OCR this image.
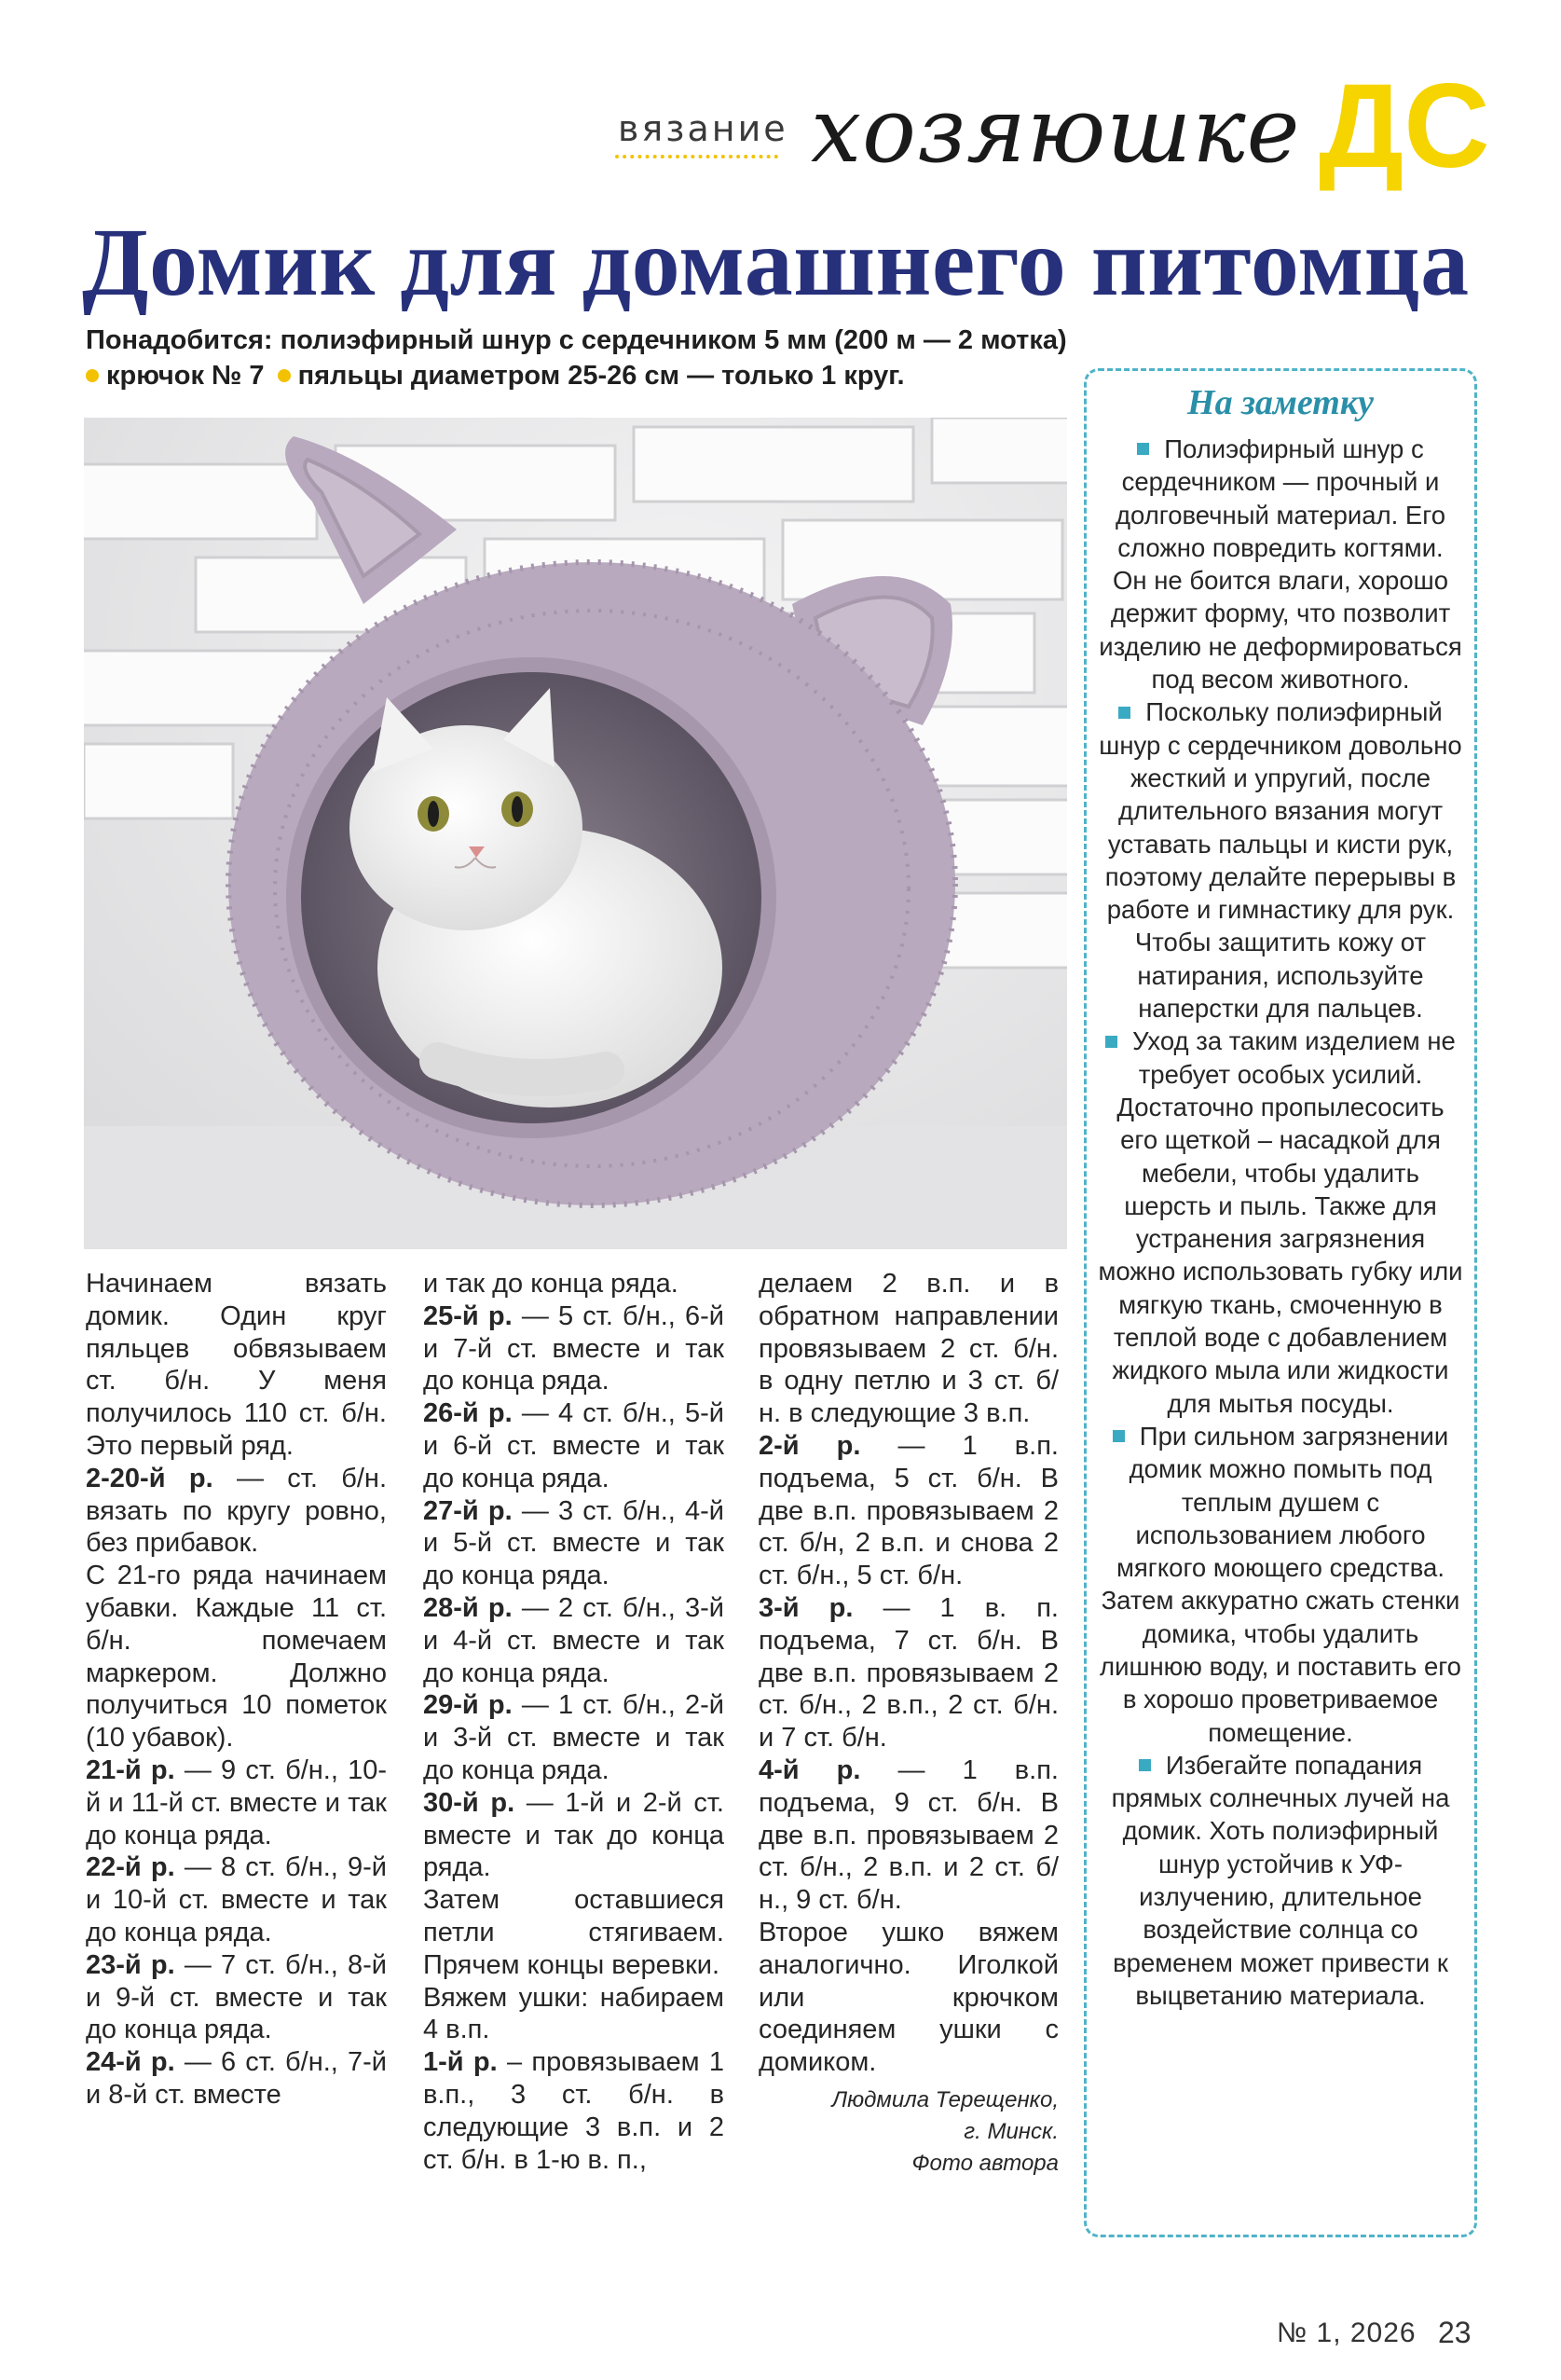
вязание хозяюшке ДС
Домик для домашнего питомца
Понадобится: полиэфирный шнур с сердечником 5 мм (200 м — 2 мотка)
крючок № 7 пяльцы диаметром 25-26 см — только 1 круг.

Начинаем вязать домик. Один круг пяльцев обвязываем ст. б/н. У меня получилось 110 ст. б/н. Это первый ряд.

2-20-й р. — ст. б/н. вязать по кругу ровно, без прибавок.

С 21-го ряда начинаем убавки. Каждые 11 ст. б/н. помечаем маркером. Должно получиться 10 пометок (10 убавок).

21-й р. — 9 ст. б/н., 10-й и 11-й ст. вместе и так до конца ряда.

22-й р. — 8 ст. б/н., 9-й и 10-й ст. вместе и так до конца ряда.

23-й р. — 7 ст. б/н., 8-й и 9-й ст. вместе и так до конца ряда.

24-й р. — 6 ст. б/н., 7-й и 8-й ст. вместе

и так до конца ряда.

25-й р. — 5 ст. б/н., 6-й и 7-й ст. вместе и так до конца ряда.

26-й р. — 4 ст. б/н., 5-й и 6-й ст. вместе и так до конца ряда.

27-й р. — 3 ст. б/н., 4-й и 5-й ст. вместе и так до конца ряда.

28-й р. — 2 ст. б/н., 3-й и 4-й ст. вместе и так до конца ряда.

29-й р. — 1 ст. б/н., 2-й и 3-й ст. вместе и так до конца ряда.

30-й р. — 1-й и 2-й ст. вместе и так до конца ряда.

Затем оставшиеся петли стягиваем. Прячем концы веревки.

Вяжем ушки: набираем 4 в.п.

1-й р. – провязываем 1 в.п., 3 ст. б/н. в следующие 3 в.п. и 2 ст. б/н. в 1-ю в. п.,

делаем 2 в.п. и в обратном направлении провязываем 2 ст. б/н. в одну петлю и 3 ст. б/н. в следующие 3 в.п.

2-й р. — 1 в.п. подъема, 5 ст. б/н. В две в.п. провязываем 2 ст. б/н, 2 в.п. и снова 2 ст. б/н., 5 ст. б/н.

3-й р. — 1 в. п. подъема, 7 ст. б/н. В две в.п. провязываем 2 ст. б/н., 2 в.п., 2 ст. б/н. и 7 ст. б/н.

4-й р. — 1 в.п. подъема, 9 ст. б/н. В две в.п. провязываем 2 ст. б/н., 2 в.п. и 2 ст. б/н., 9 ст. б/н.

Второе ушко вяжем аналогично. Иголкой или крючком соединяем ушки с домиком.

Людмила Терещенко,
г. Минск.
Фото автора
На заметку

Полиэфирный шнур с сердечником — прочный и долговечный материал. Его сложно повредить когтями. Он не боится влаги, хорошо держит форму, что позволит изделию не деформироваться под весом животного.

Поскольку полиэфирный шнур с сердечником довольно жесткий и упругий, после длительного вязания могут уставать пальцы и кисти рук, поэтому делайте перерывы в работе и гимнастику для рук. Чтобы защитить кожу от натирания, используйте наперстки для пальцев.

Уход за таким изделием не требует особых усилий. Достаточно пропылесосить его щеткой – насадкой для мебели, чтобы удалить шерсть и пыль. Также для устранения загрязнения можно использовать губку или мягкую ткань, смоченную в теплой воде с добавлением жидкого мыла или жидкости для мытья посуды.

При сильном загрязнении домик можно помыть под теплым душем с использованием любого мягкого моющего средства. Затем аккуратно сжать стенки домика, чтобы удалить лишнюю воду, и поставить его в хорошо проветриваемое помещение.

Избегайте попадания прямых солнечных лучей на домик. Хоть полиэфирный шнур устойчив к УФ-излучению, длительное воздействие солнца со временем может привести к выцветанию материала.

№ 1, 2026 23
